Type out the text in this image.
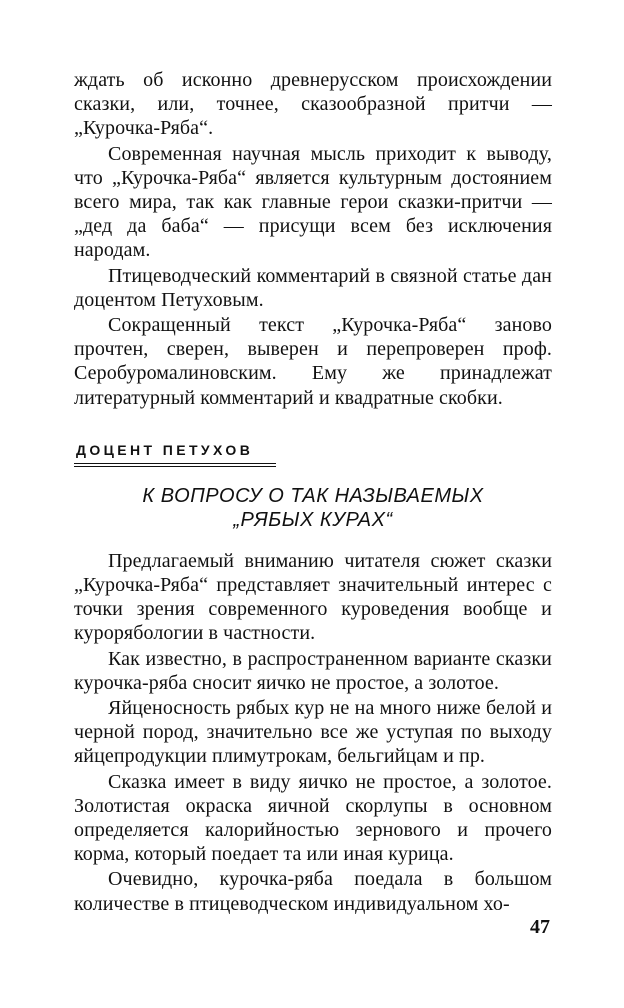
ждать об исконно древнерусском происхождении сказки, или, точнее, сказообразной притчи — „Курочка-Ряба“.

Современная научная мысль приходит к выводу, что „Курочка-Ряба“ является культурным достоянием всего мира, так как главные герои сказки-притчи — „дед да баба“ — присущи всем без исключения народам.

Птицеводческий комментарий в связной статье дан доцентом Петуховым.

Сокращенный текст „Курочка-Ряба“ заново прочтен, сверен, выверен и перепроверен проф. Серобуромалиновским. Ему же принадлежат литературный комментарий и квадратные скобки.

ДОЦЕНТ ПЕТУХОВ
К ВОПРОСУ О ТАК НАЗЫВАЕМЫХ
„РЯБЫХ КУРАХ“

Предлагаемый вниманию читателя сюжет сказки „Курочка-Ряба“ представляет значительный интерес с точки зрения современного куроведения вообще и курорябологии в частности.

Как известно, в распространенном варианте сказки курочка-ряба сносит яичко не простое, а золотое.

Яйценосность рябых кур не на много ниже белой и черной пород, значительно все же уступая по выходу яйцепродукции плимутрокам, бельгийцам и пр.

Сказка имеет в виду яичко не простое, а золотое. Золотистая окраска яичной скорлупы в основном определяется калорийностью зернового и прочего корма, который поедает та или иная курица.

Очевидно, курочка-ряба поедала в большом количестве в птицеводческом индивидуальном хо-

47
